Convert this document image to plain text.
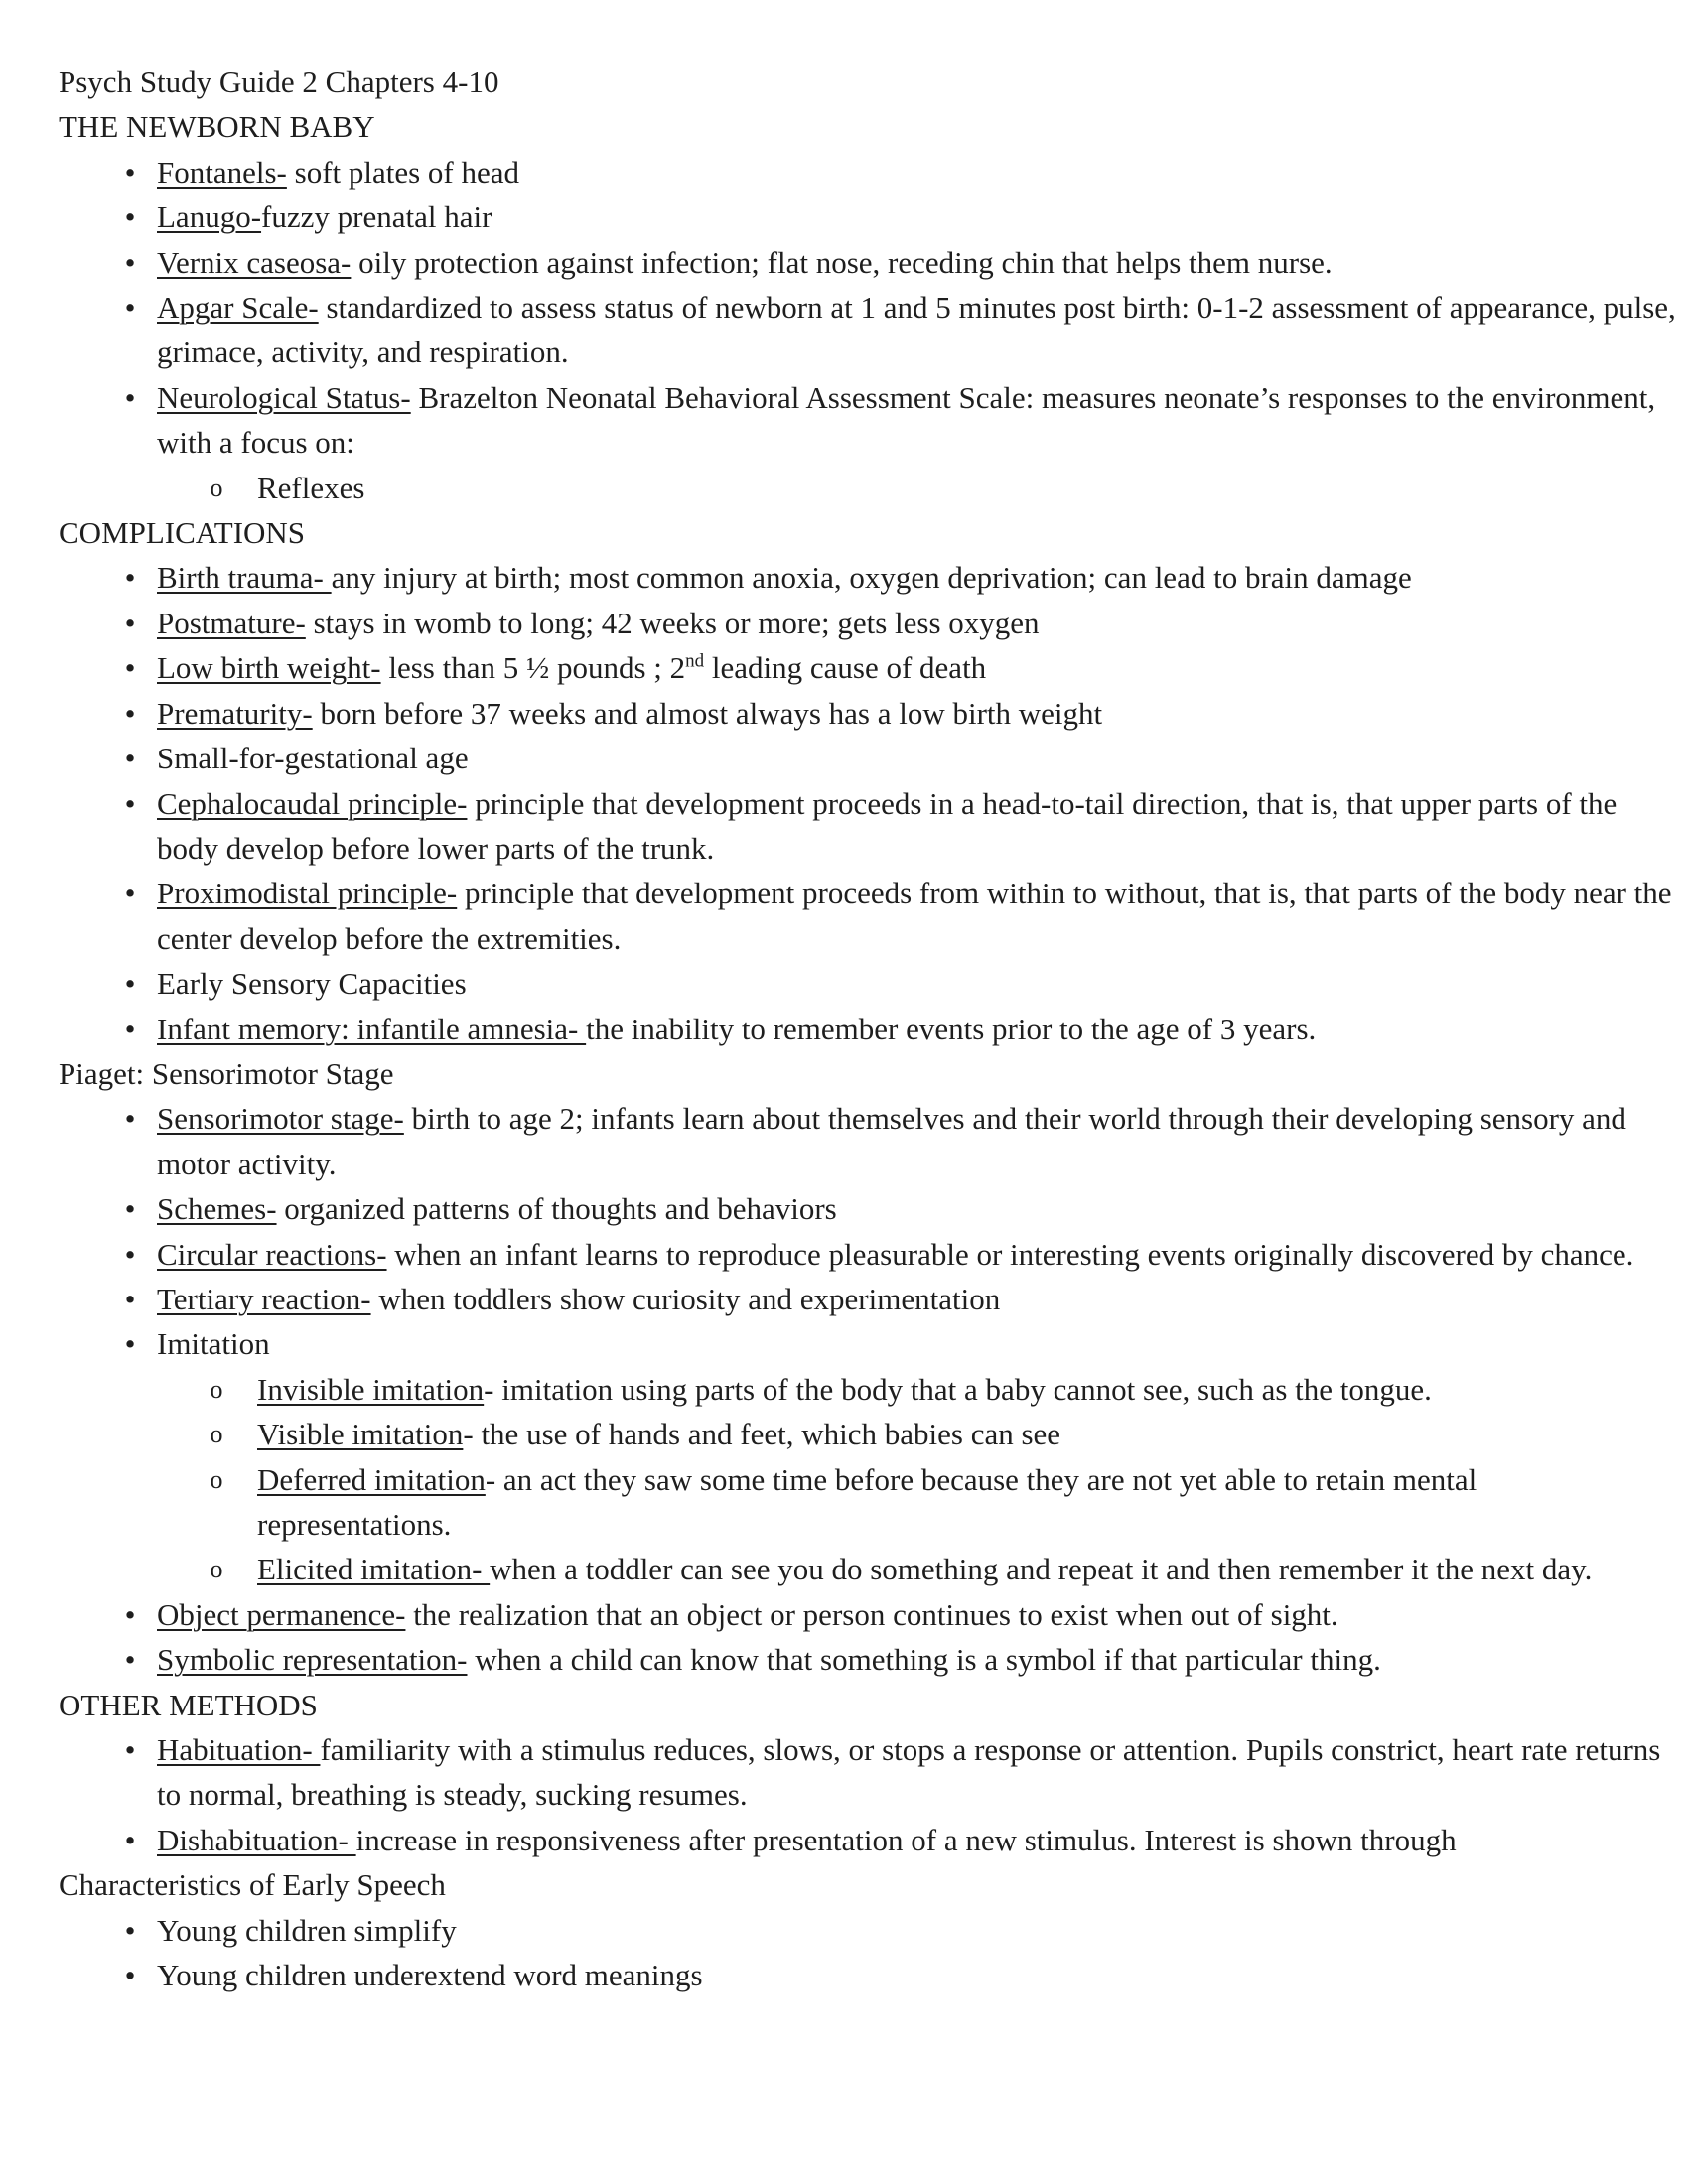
Psych Study Guide 2 Chapters 4-10
THE NEWBORN BABY
• Fontanels- soft plates of head
• Lanugo-fuzzy prenatal hair
• Vernix caseosa- oily protection against infection; flat nose, receding chin that helps them nurse.
• Apgar Scale- standardized to assess status of newborn at 1 and 5 minutes post birth: 0-1-2 assessment of appearance, pulse, grimace, activity, and respiration.
• Neurological Status- Brazelton Neonatal Behavioral Assessment Scale: measures neonate’s responses to the environment, with a focus on:
o Reflexes
COMPLICATIONS
• Birth trauma- any injury at birth; most common anoxia, oxygen deprivation; can lead to brain damage
• Postmature- stays in womb to long; 42 weeks or more; gets less oxygen
• Low birth weight- less than 5 ½ pounds ; 2nd leading cause of death
• Prematurity- born before 37 weeks and almost always has a low birth weight
• Small-for-gestational age
• Cephalocaudal principle- principle that development proceeds in a head-to-tail direction, that is, that upper parts of the body develop before lower parts of the trunk.
• Proximodistal principle- principle that development proceeds from within to without, that is, that parts of the body near the center develop before the extremities.
• Early Sensory Capacities
• Infant memory: infantile amnesia- the inability to remember events prior to the age of 3 years.
Piaget: Sensorimotor Stage
• Sensorimotor stage- birth to age 2; infants learn about themselves and their world through their developing sensory and motor activity.
• Schemes- organized patterns of thoughts and behaviors
• Circular reactions- when an infant learns to reproduce pleasurable or interesting events originally discovered by chance.
• Tertiary reaction- when toddlers show curiosity and experimentation
• Imitation
o Invisible imitation- imitation using parts of the body that a baby cannot see, such as the tongue.
o Visible imitation- the use of hands and feet, which babies can see
o Deferred imitation- an act they saw some time before because they are not yet able to retain mental representations.
o Elicited imitation- when a toddler can see you do something and repeat it and then remember it the next day.
• Object permanence- the realization that an object or person continues to exist when out of sight.
• Symbolic representation- when a child can know that something is a symbol if that particular thing.
OTHER METHODS
• Habituation- familiarity with a stimulus reduces, slows, or stops a response or attention. Pupils constrict, heart rate returns to normal, breathing is steady, sucking resumes.
• Dishabituation- increase in responsiveness after presentation of a new stimulus. Interest is shown through
Characteristics of Early Speech
• Young children simplify
• Young children underextend word meanings
